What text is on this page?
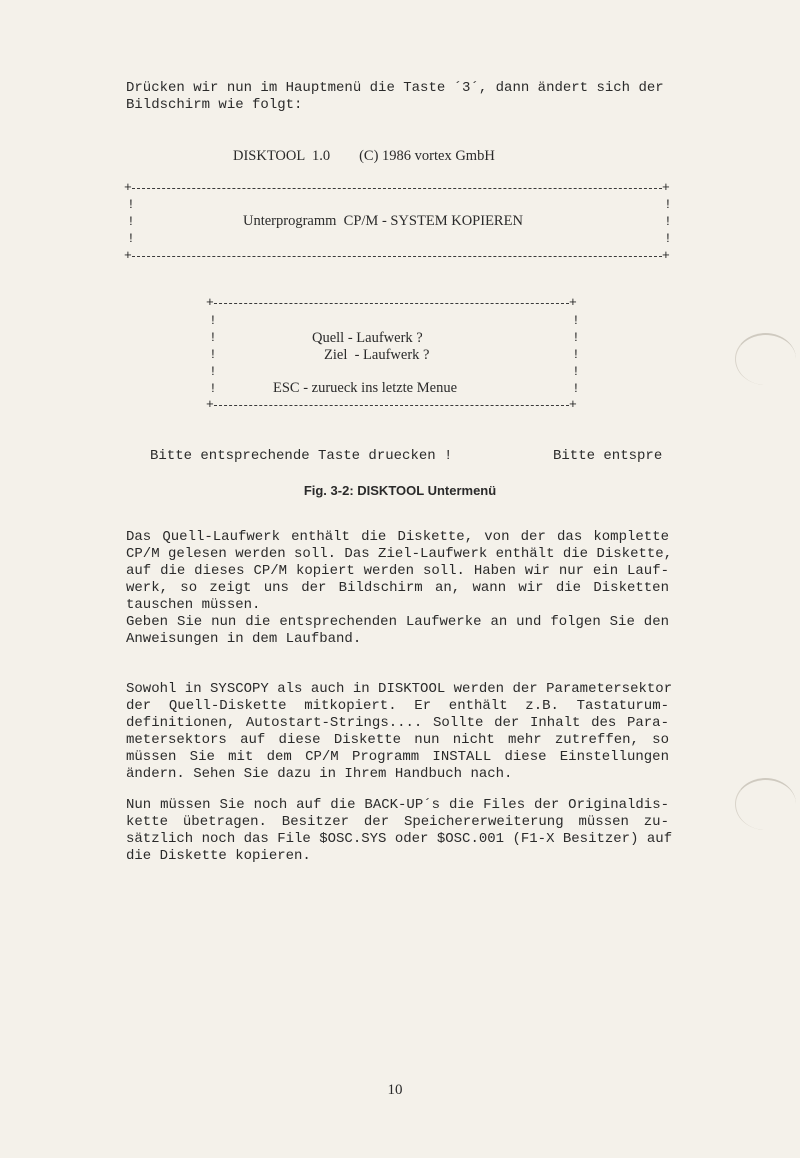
Drücken wir nun im Hauptmenü die Taste ´3´, dann ändert sich der
Bildschirm wie folgt:
DISKTOOL  1.0        (C) 1986 vortex GmbH
+	+
!	!
!	!
!	!
Unterprogramm  CP/M - SYSTEM KOPIEREN
+	+
+	+
!	!
!	!
!	!
!	!
!	!
Quell - Laufwerk ?
Ziel  - Laufwerk ?
ESC - zurueck ins letzte Menue
+	+
Bitte entsprechende Taste druecken !	Bitte entspre
Fig. 3-2: DISKTOOL Untermenü
Das Quell-Laufwerk enthält die Diskette, von der das komplette
CP/M gelesen werden soll. Das Ziel-Laufwerk enthält die Diskette,
auf die dieses CP/M kopiert werden soll. Haben wir nur ein Lauf-
werk, so zeigt uns der Bildschirm an, wann wir die Disketten
tauschen müssen.
Geben Sie nun die entsprechenden Laufwerke an und folgen Sie den
Anweisungen in dem Laufband.
Sowohl in SYSCOPY als auch in DISKTOOL werden der Parametersektor
der Quell-Diskette mitkopiert. Er enthält z.B. Tastaturum-
definitionen, Autostart-Strings.... Sollte der Inhalt des Para-
metersektors auf diese Diskette nun nicht mehr zutreffen, so
müssen Sie mit dem CP/M Programm INSTALL diese Einstellungen
ändern. Sehen Sie dazu in Ihrem Handbuch nach.
Nun müssen Sie noch auf die BACK-UP´s die Files der Originaldis-
kette übetragen. Besitzer der Speichererweiterung müssen zu-
sätzlich noch das File $OSC.SYS oder $OSC.001 (F1-X Besitzer) auf
die Diskette kopieren.
10
